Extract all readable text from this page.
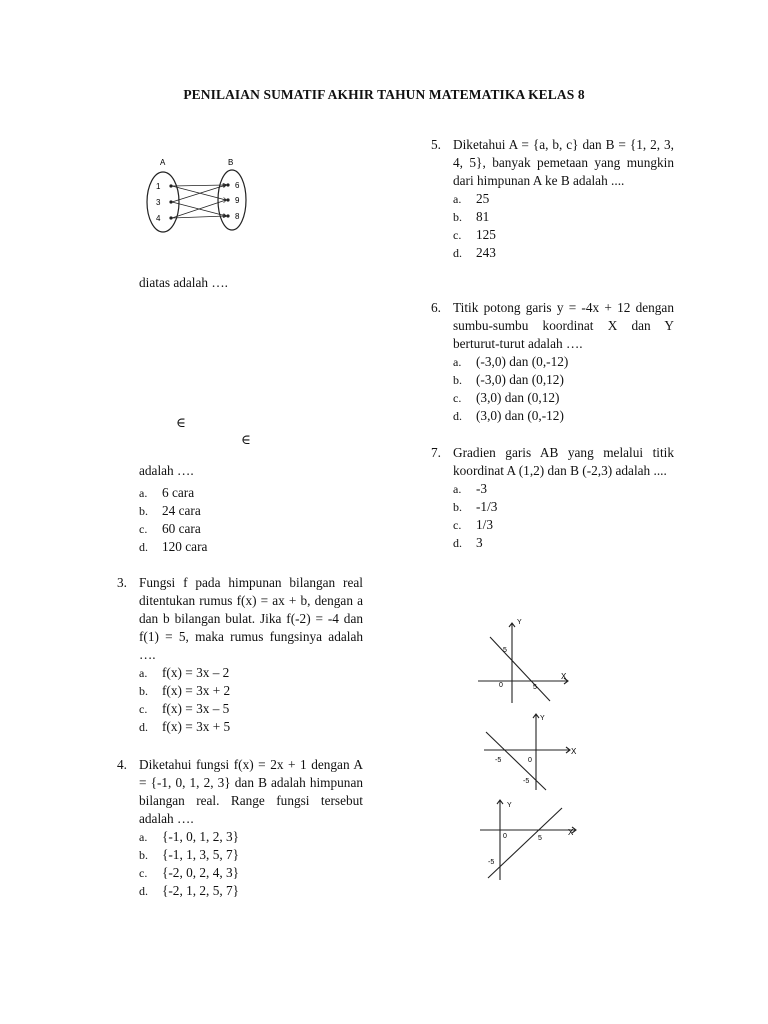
PENILAIAN SUMATIF AKHIR TAHUN MATEMATIKA KELAS 8
A	B
1
3
4
6
9
8
diatas adalah ….
∈
∈
adalah ….
a. 6 cara
b. 24 cara
c. 60 cara
d. 120 cara
3. Fungsi f pada himpunan bilangan real ditentukan rumus f(x) = ax + b, dengan a dan b bilangan bulat. Jika f(-2) = -4 dan f(1) = 5, maka rumus fungsinya adalah ….
a. f(x) = 3x – 2
b. f(x) = 3x + 2
c. f(x) = 3x – 5
d. f(x) = 3x + 5
4. Diketahui fungsi f(x) = 2x + 1 dengan A = {-1, 0, 1, 2, 3} dan B adalah himpunan bilangan real. Range fungsi tersebut adalah ….
a. {-1, 0, 1, 2, 3}
b. {-1, 1, 3, 5, 7}
c. {-2, 0, 2, 4, 3}
d. {-2, 1, 2, 5, 7}
5. Diketahui A = {a, b, c} dan B = {1, 2, 3, 4, 5}, banyak pemetaan yang mungkin dari himpunan A ke B adalah ....
a. 25
b. 81
c. 125
d. 243
6. Titik potong garis y = -4x + 12 dengan sumbu-sumbu koordinat X dan Y berturut-turut adalah ….
a. (-3,0) dan (0,-12)
b. (-3,0) dan (0,12)
c. (3,0) dan (0,12)
d. (3,0) dan (0,-12)
7. Gradien garis AB yang melalui titik koordinat A (1,2) dan B (-2,3) adalah ....
a. -3
b. -1/3
c. 1/3
d. 3
Y
X
5
0	5
Y
X
-5	0
-5
Y
X
0	5
-5
